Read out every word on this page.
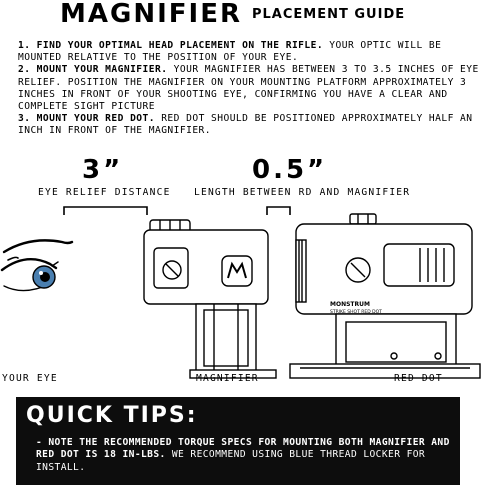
MAGNIFIER PLACEMENT GUIDE

1. FIND YOUR OPTIMAL HEAD PLACEMENT ON THE RIFLE. YOUR OPTIC WILL BE MOUNTED RELATIVE TO THE POSITION OF YOUR EYE.

2. MOUNT YOUR MAGNIFIER. YOUR MAGNIFIER HAS BETWEEN 3 TO 3.5 INCHES OF EYE RELIEF. POSITION THE MAGNIFIER ON YOUR MOUNTING PLATFORM APPROXIMATELY 3 INCHES IN FRONT OF YOUR SHOOTING EYE, CONFIRMING YOU HAVE A CLEAR AND COMPLETE SIGHT PICTURE

3. MOUNT YOUR RED DOT. RED DOT SHOULD BE POSITIONED APPROXIMATELY HALF AN INCH IN FRONT OF THE MAGNIFIER.

3”
EYE RELIEF DISTANCE
0.5”
LENGTH BETWEEN RD AND MAGNIFIER
MONSTRUM
STRIKE SHOT RED DOT
YOUR EYE	MAGNIFIER	RED DOT
QUICK TIPS:
- NOTE THE RECOMMENDED TORQUE SPECS FOR MOUNTING BOTH MAGNIFIER AND RED DOT IS 18 IN-LBS. WE RECOMMEND USING BLUE THREAD LOCKER FOR INSTALL.
